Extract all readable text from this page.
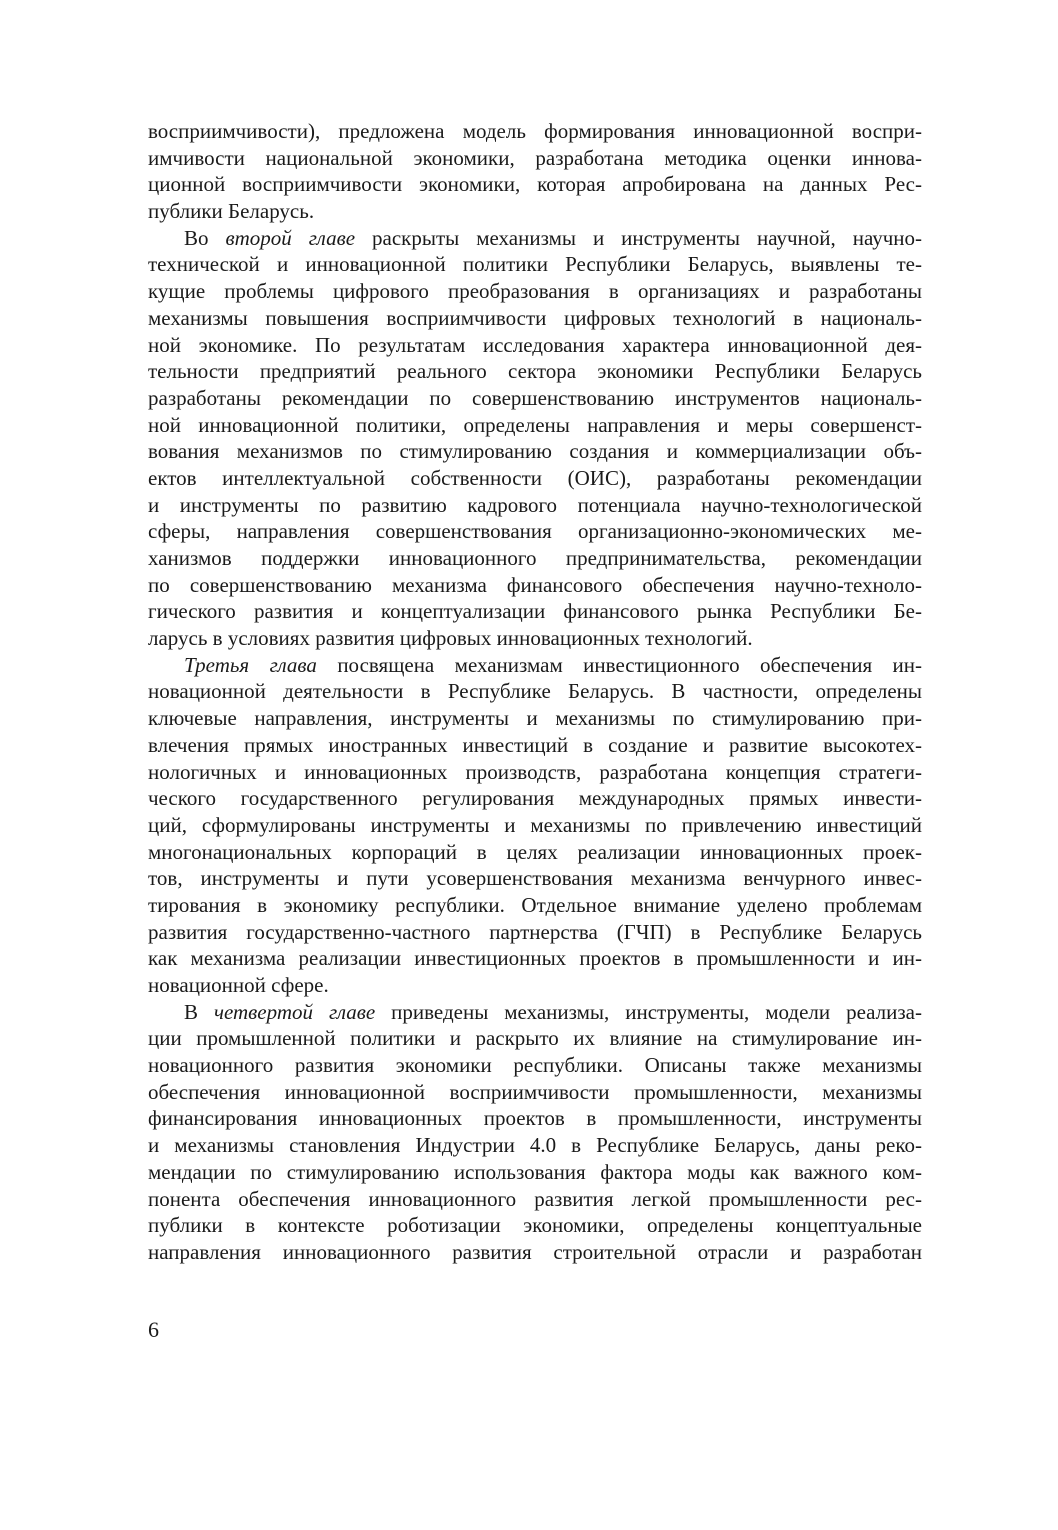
восприимчивости), предложена модель формирования инновационной воспри-
имчивости национальной экономики, разработана методика оценки иннова-
ционной восприимчивости экономики, которая апробирована на данных Рес-
публики Беларусь.
Во второй главе раскрыты механизмы и инструменты научной, научно-
технической и инновационной политики Республики Беларусь, выявлены те-
кущие проблемы цифрового преобразования в организациях и разработаны
механизмы повышения восприимчивости цифровых технологий в националь-
ной экономике. По результатам исследования характера инновационной дея-
тельности предприятий реального сектора экономики Республики Беларусь
разработаны рекомендации по совершенствованию инструментов националь-
ной инновационной политики, определены направления и меры совершенст-
вования механизмов по стимулированию создания и коммерциализации объ-
ектов интеллектуальной собственности (ОИС), разработаны рекомендации
и инструменты по развитию кадрового потенциала научно-технологической
сферы, направления совершенствования организационно-экономических ме-
ханизмов поддержки инновационного предпринимательства, рекомендации
по совершенствованию механизма финансового обеспечения научно-техноло-
гического развития и концептуализации финансового рынка Республики Бе-
ларусь в условиях развития цифровых инновационных технологий.
Третья глава посвящена механизмам инвестиционного обеспечения ин-
новационной деятельности в Республике Беларусь. В частности, определены
ключевые направления, инструменты и механизмы по стимулированию при-
влечения прямых иностранных инвестиций в создание и развитие высокотех-
нологичных и инновационных производств, разработана концепция стратеги-
ческого государственного регулирования международных прямых инвести-
ций, сформулированы инструменты и механизмы по привлечению инвестиций
многонациональных корпораций в целях реализации инновационных проек-
тов, инструменты и пути усовершенствования механизма венчурного инвес-
тирования в экономику республики. Отдельное внимание уделено проблемам
развития государственно-частного партнерства (ГЧП) в Республике Беларусь
как механизма реализации инвестиционных проектов в промышленности и ин-
новационной сфере.
В четвертой главе приведены механизмы, инструменты, модели реализа-
ции промышленной политики и раскрыто их влияние на стимулирование ин-
новационного развития экономики республики. Описаны также механизмы
обеспечения инновационной восприимчивости промышленности, механизмы
финансирования инновационных проектов в промышленности, инструменты
и механизмы становления Индустрии 4.0 в Республике Беларусь, даны реко-
мендации по стимулированию использования фактора моды как важного ком-
понента обеспечения инновационного развития легкой промышленности рес-
публики в контексте роботизации экономики, определены концептуальные
направления инновационного развития строительной отрасли и разработан
6
